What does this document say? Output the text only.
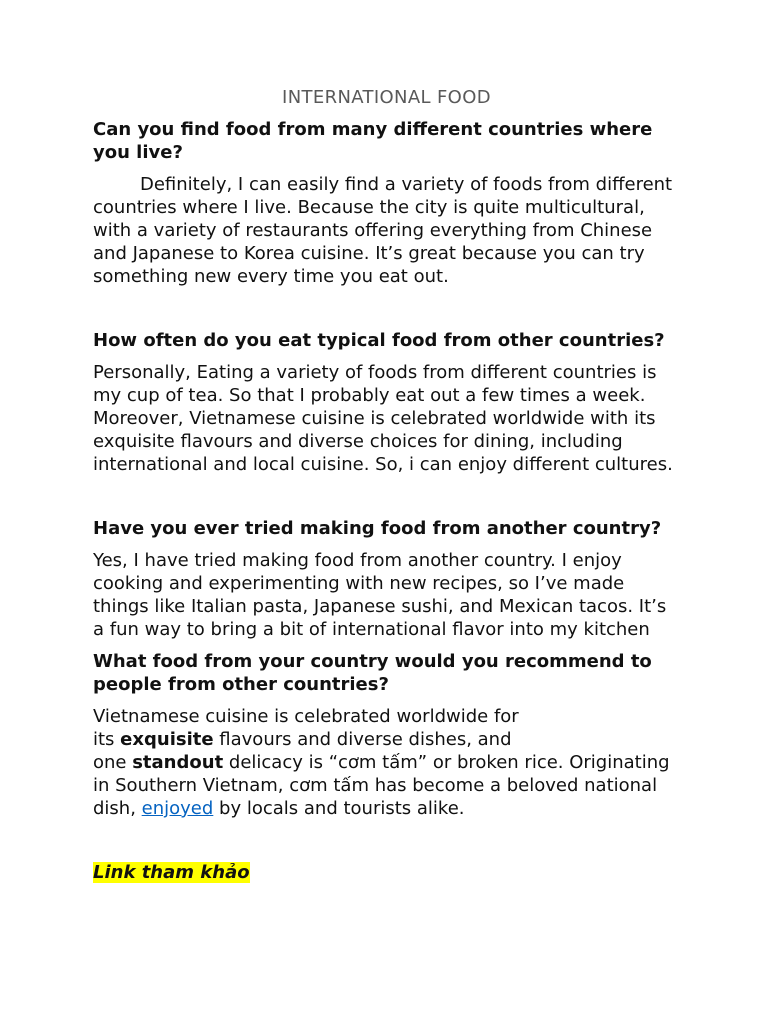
INTERNATIONAL FOOD

Can you find food from many different countries where you live?

Definitely, I can easily find a variety of foods from different countries where I live. Because the city is quite multicultural, with a variety of restaurants offering everything from Chinese and Japanese to Korea cuisine. It’s great because you can try something new every time you eat out.

How often do you eat typical food from other countries?

Personally, Eating a variety of foods from different countries is my cup of tea. So that I probably eat out a few times a week. Moreover, Vietnamese cuisine is celebrated worldwide with its exquisite flavours and diverse choices for dining, including international and local cuisine. So, i can enjoy different cultures.

Have you ever tried making food from another country?

Yes, I have tried making food from another country. I enjoy cooking and experimenting with new recipes, so I’ve made things like Italian pasta, Japanese sushi, and Mexican tacos. It’s a fun way to bring a bit of international flavor into my kitchen

What food from your country would you recommend to people from other countries?

Vietnamese cuisine is celebrated worldwide for
its exquisite flavours and diverse dishes, and
one standout delicacy is “cơm tấm” or broken rice. Originating in Southern Vietnam, cơm tấm has become a beloved national dish, enjoyed by locals and tourists alike.

Link tham khảo
